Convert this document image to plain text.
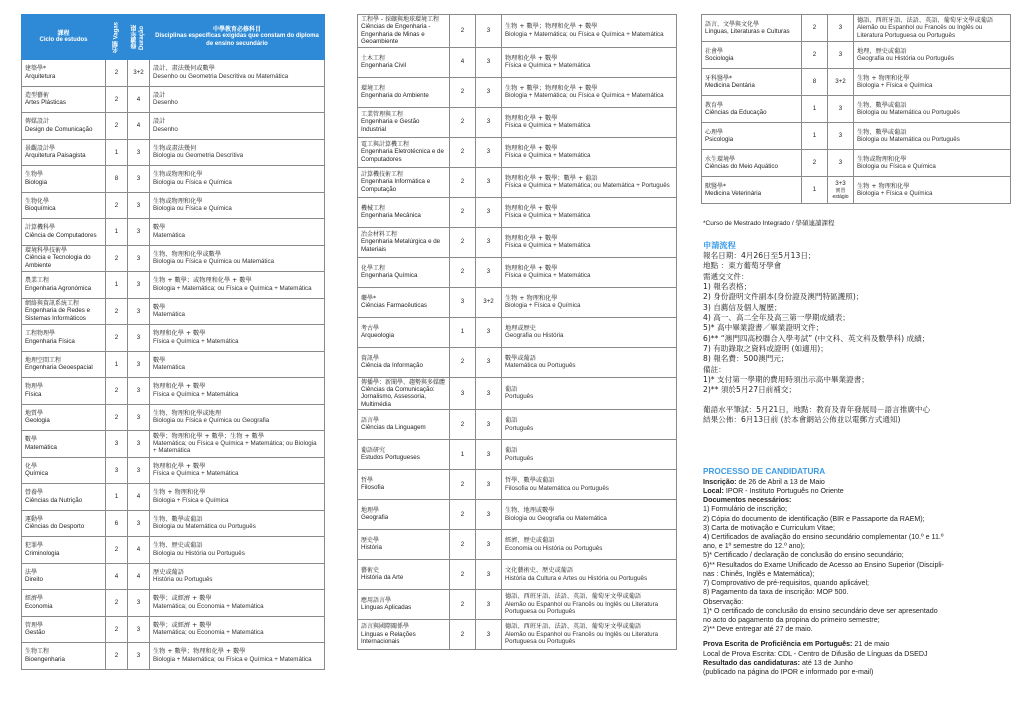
課程
Ciclo de estudos	名額 Vagas	修讀年限 Duração	中學教育必修科目
Disciplinas específicas exigidas que constam do diploma de ensino secundário

建築學*
Arquitetura	2	3+2	設計、畫法幾何或數學
Desenho ou Geometria Descritiva ou Matemática

造型藝術
Artes Plásticas	2	4	設計
Desenho

傳媒設計
Design de Comunicação	2	4	設計
Desenho

景觀設計學
Arquitetura Paisagista	1	3	生物或畫法幾何
Biologia ou Geometria Descritiva

生物學
Biologia	8	3	生物或物理和化學
Biologia ou Física e Química

生物化學
Bioquímica	2	3	生物或物理和化學
Biologia ou Física e Química

計算機科學
Ciência de Computadores	1	3	數學
Matemática

環境科學技術學
Ciência e Tecnologia do Ambiente	2	3	生物、物理和化學或數學
Biologia ou Física e Química ou Matemática

農業工程
Engenharia Agronómica	1	3	生物 + 數學；或物理和化學 + 數學
Biologia + Matemática; ou Física e Química + Matemática

網絡與資訊系統工程
Engenharia de Redes e Sistemas Informáticos	2	3	數學
Matemática

工程物理學
Engenharia Física	2	3	物理和化學 + 數學
Física e Química + Matemática

地理空間工程
Engenharia Geoespacial	1	3	數學
Matemática

物理學
Física	2	3	物理和化學 + 數學
Física e Química + Matemática

地質學
Geologia	2	3	生物、物理和化學或地理
Biologia ou Física e Química ou Geografia

數學
Matemática	3	3	數學；物理和化學 + 數學；生物 + 數學
Matemática; ou Física e Química + Matemática; ou Biologia + Matemática

化學
Química	3	3	物理和化學 + 數學
Física e Química + Matemática

營養學
Ciências da Nutrição	1	4	生物 + 物理和化學
Biologia + Física e Química

運動學
Ciências do Desporto	6	3	生物、數學或葡語
Biologia ou Matemática ou Português

犯罪學
Criminologia	2	4	生物、歷史或葡語
Biologia ou História ou Português

法學
Direito	4	4	歷史或葡語
História ou Português

經濟學
Economia	2	3	數學；或經濟 + 數學
Matemática; ou Economia + Matemática

管理學
Gestão	2	3	數學；或經濟 + 數學
Matemática; ou Economia + Matemática

生物工程
Bioengenharia	2	3	生物 + 數學；物理和化學 + 數學
Biologia + Matemática; ou Física e Química + Matemática
工程學 - 採礦與地球環境工程
Ciências de Engenharia - Engenharia de Minas e Geoambiente	2	3	生物 + 數學；物理和化學 + 數學
Biologia + Matemática; ou Física e Química + Matemática

土木工程
Engenharia Civil	4	3	物理和化學 + 數學
Física e Química + Matemática

環境工程
Engenharia do Ambiente	2	3	生物 + 數學；物理和化學 + 數學
Biologia + Matemática; ou Física e Química + Matemática

工業管理與工程
Engenharia e Gestão Industrial	2	3	物理和化學 + 數學
Física e Química + Matemática

電工與計算機工程
Engenharia Eletrotécnica e de Computadores	2	3	物理和化學 + 數學
Física e Química + Matemática

計算機技術工程
Engenharia Informática e Computação	2	3	物理和化學 + 數學；數學 + 葡語
Física e Química + Matemática; ou Matemática + Português

機械工程
Engenharia Mecânica	2	3	物理和化學 + 數學
Física e Química + Matemática

冶金材料工程
Engenharia Metalúrgica e de Materiais	2	3	物理和化學 + 數學
Física e Química + Matemática

化學工程
Engenharia Química	2	3	物理和化學 + 數學
Física e Química + Matemática

藥學*
Ciências Farmacêuticas	3	3+2	生物 + 物理和化學
Biologia + Física e Química

考古學
Arqueologia	1	3	地理或歷史
Geografia ou História

資訊學
Ciência da Informação	2	3	數學或葡語
Matemática ou Português

傳播學：新聞學、趨勢與多媒體
Ciências da Comunicação: Jornalismo, Assessoria, Multimédia	3	3	葡語
Português

語言學
Ciências da Linguagem	2	3	葡語
Português

葡語研究
Estudos Portugueses	1	3	葡語
Português

哲學
Filosofia	2	3	哲學、數學或葡語
Filosofia ou Matemática ou Português

地理學
Geografia	2	3	生物、地理或數學
Biologia ou Geografia ou Matemática

歷史學
História	2	3	經濟、歷史或葡語
Economia ou História ou Português

藝術史
História da Arte	2	3	文化藝術史、歷史或葡語
História da Cultura e Artes ou História ou Português

應用語言學
Línguas Aplicadas	2	3	德語、西班牙語、法語、英語、葡萄牙文學或葡語
Alemão ou Espanhol ou Francês ou Inglês ou Literatura Portuguesa ou Português

語言與國際關係學
Línguas e Relações Internacionais	2	3	德語、西班牙語、法語、英語、葡萄牙文學或葡語
Alemão ou Espanhol ou Francês ou Inglês ou Literatura Portuguesa ou Português
語言、文學與文化學
Línguas, Literaturas e Culturas	2	3	德語、西班牙語、法語、英語、葡萄牙文學或葡語
Alemão ou Espanhol ou Francês ou Inglês ou Literatura Portuguesa ou Português

社會學
Sociologia	2	3	地理、歷史或葡語
Geografia ou História ou Português

牙科醫學*
Medicina Dentária	8	3+2	生物 + 物理和化學
Biologia + Física e Química

教育學
Ciências da Educação	1	3	生物、數學或葡語
Biologia ou Matemática ou Português

心理學
Psicologia	1	3	生物、數學或葡語
Biologia ou Matemática ou Português

水生環境學
Ciências do Meio Aquático	2	3	生物或物理和化學
Biologia ou Física e Química

獸醫學*
Medicina Veterinária	1	3+3
實習
estágio	生物 + 物理和化學
Biologia + Física e Química
*Curso de Mestrado Integrado / 學碩連讀課程
申請流程
報名日期：4月26日至5月13日；
地點 ：東方葡萄牙學會
需遞交文件：
1) 報名表格；
2) 身份證明文件副本(身份證及澳門特區護照)；
3) 自薦信及個人履歷；
4) 高一、高二全年及高三第一學期成績表；
5)* 高中畢業證書／畢業證明文件；
6)** “澳門四高校聯合入學考試” (中文科、英文科及數學科) 成績；
7) 有助錄取之資料或證明 (如適用)；
8) 報名費：500澳門元；
備註：
1)* 支付第一學期的費用時須出示高中畢業證書；
2)** 須於5月27日前補交；
葡語水平筆試：5月21日，地點：教育及青年發展局－語言推廣中心
結果公佈：6月13日前 (於本會網站公佈並以電郵方式通知)
PROCESSO DE CANDIDATURA
Inscrição: de 26 de Abril a 13 de Maio
Local: IPOR - Instituto Português no Oriente
Documentos necessários:
1) Formulário de inscrição;
2) Cópia do documento de identificação (BIR e Passaporte da RAEM);
3) Carta de motivação e Curriculum Vitae;
4) Certificados de avaliação do ensino secundário complementar (10.º e 11.º
ano, e 1º semestre do 12.º ano);
5)* Certificado / declaração de conclusão do ensino secundário;
6)** Resultados do Exame Unificado de Acesso ao Ensino Superior (Discipli-
nas : Chinês, Inglês e Matemática);
7) Comprovativo de pré-requisitos, quando aplicável;
8) Pagamento da taxa de inscrição: MOP 500.
Observação:
1)* O certificado de conclusão do ensino secundário deve ser apresentado
no acto do pagamento da propina do primeiro semestre;
2)** Deve entregar até 27 de maio.
Prova Escrita de Proficiência em Português: 21 de maio
Local de Prova Escrita: CDL - Centro de Difusão de Línguas da DSEDJ
Resultado das candidaturas: até 13 de Junho
(publicado na página do IPOR e informado por e-mail)
